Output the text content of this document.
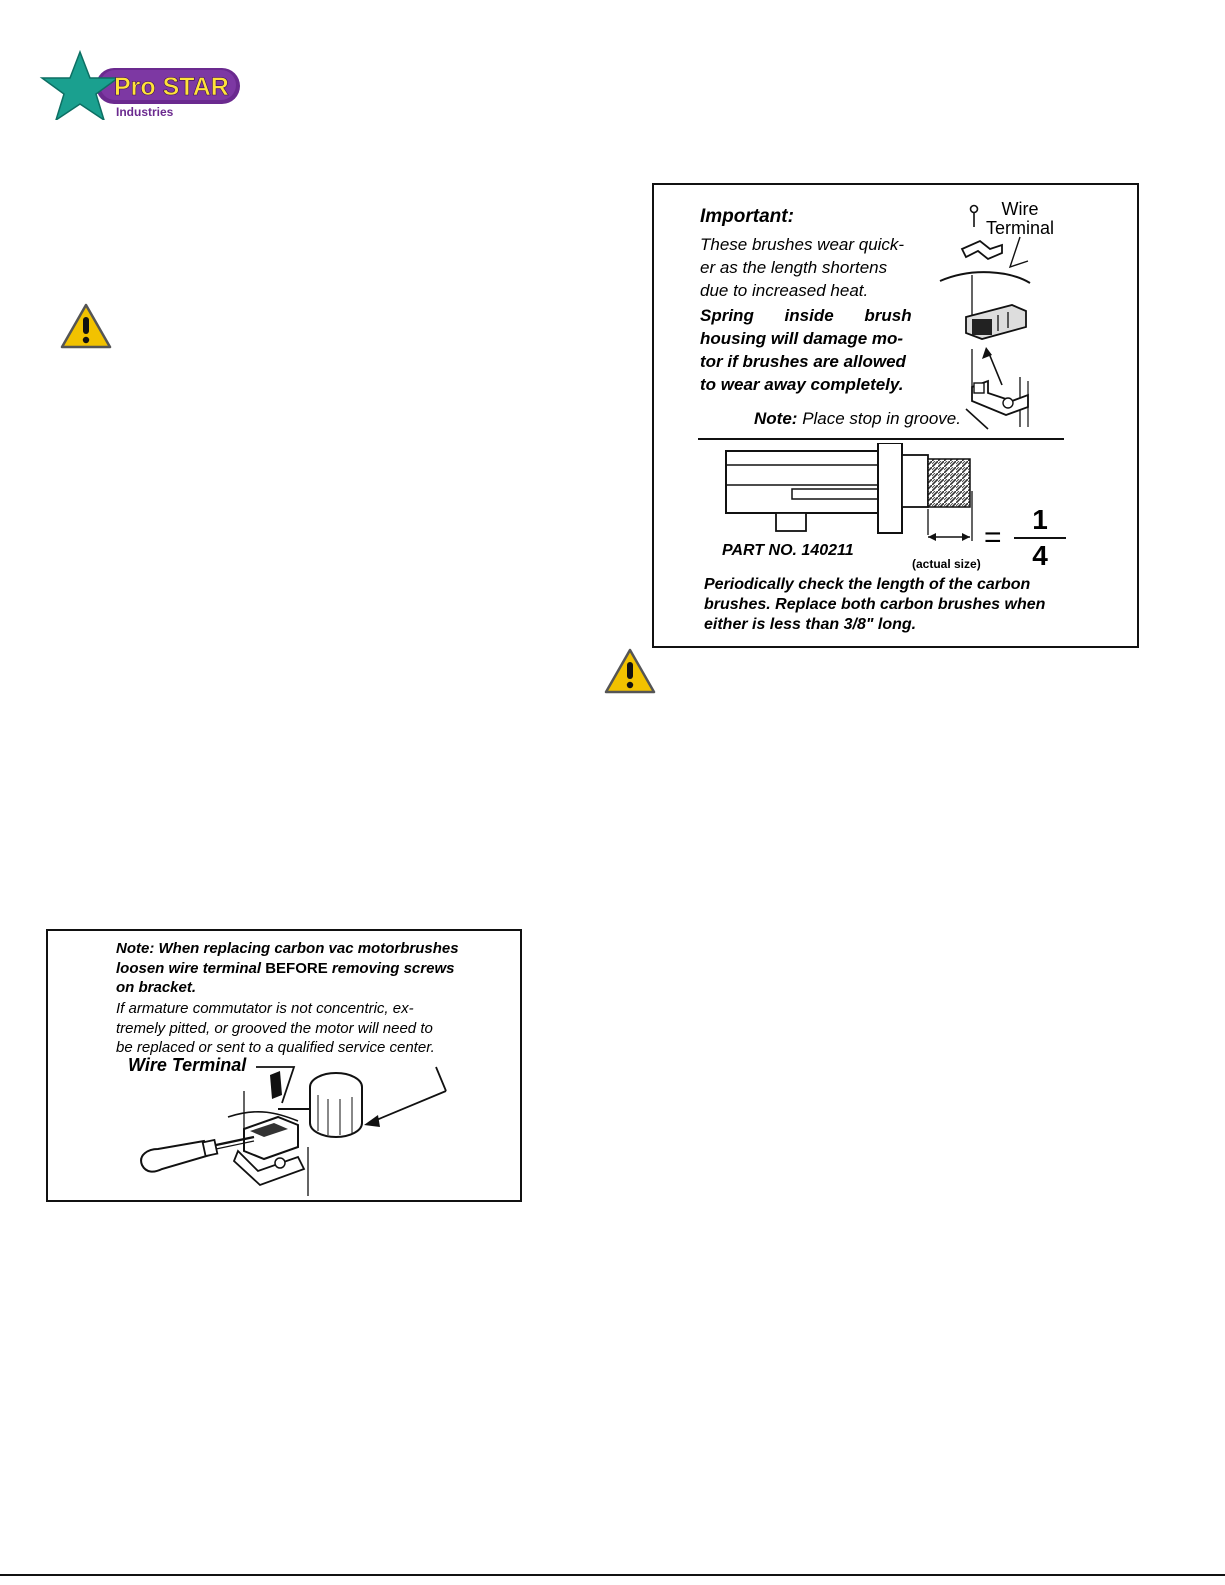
Pro STAR
Industries
Important:
These brushes wear quick-
er as the length shortens
due to increased heat.
Spring inside brush
housing will damage mo-
tor if brushes are allowed
to wear away completely.
Wire
Terminal
Note: Place stop in groove.
=
1
4
PART NO. 140211
(actual size)
Periodically check the length of the carbon
brushes. Replace both carbon brushes when
either is less than 3/8" long.
Note: When replacing carbon vac motorbrushes
loosen wire terminal BEFORE removing screws
on bracket.
If armature commutator is not concentric, ex-
tremely pitted, or grooved the motor will need to
be replaced or sent to a qualified service center.
Wire Terminal
